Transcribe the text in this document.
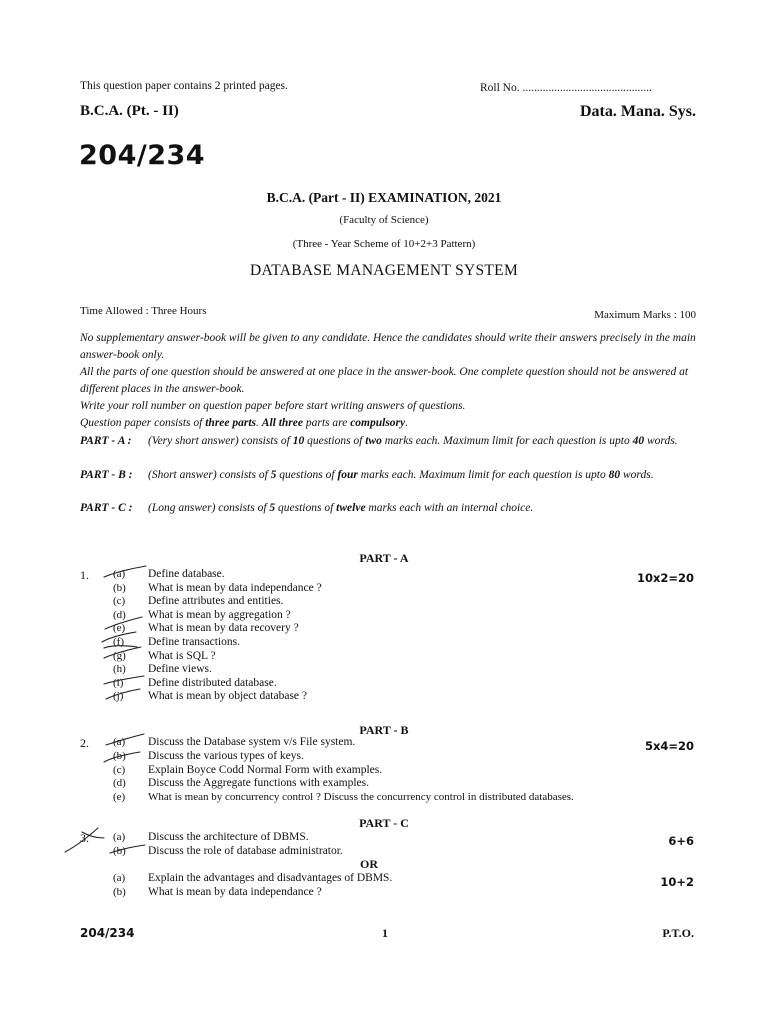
This question paper contains 2 printed pages.	Roll No. .............................................
B.C.A. (Pt. - II)	Data. Mana. Sys.
204/234
B.C.A. (Part - II) EXAMINATION, 2021
(Faculty of Science)
(Three - Year Scheme of 10+2+3 Pattern)
DATABASE MANAGEMENT SYSTEM
Time Allowed : Three Hours	Maximum Marks : 100
No supplementary answer-book will be given to any candidate. Hence the candidates should write their answers precisely in the main answer-book only.
All the parts of one question should be answered at one place in the answer-book. One complete question should not be answered at different places in the answer-book.
Write your roll number on question paper before start writing answers of questions.
Question paper consists of three parts. All three parts are compulsory.
PART - A : (Very short answer) consists of 10 questions of two marks each. Maximum limit for each question is upto 40 words.
PART - B : (Short answer) consists of 5 questions of four marks each. Maximum limit for each question is upto 80 words.
PART - C : (Long answer) consists of 5 questions of twelve marks each with an internal choice.
PART - A
1.	10x2=20
(a) Define database.
(b) What is mean by data independance ?
(c) Define attributes and entities.
(d) What is mean by aggregation ?
(e) What is mean by data recovery ?
(f) Define transactions.
(g) What is SQL ?
(h) Define views.
(i) Define distributed database.
(j) What is mean by object database ?
PART - B
2.	5x4=20
(a) Discuss the Database system v/s File system.
(b) Discuss the various types of keys.
(c) Explain Boyce Codd Normal Form with examples.
(d) Discuss the Aggregate functions with examples.
(e) What is mean by concurrency control ? Discuss the concurrency control in distributed databases.
PART - C
3.	6+6
(a) Discuss the architecture of DBMS.
(b) Discuss the role of database administrator.
OR
10+2
(a) Explain the advantages and disadvantages of DBMS.
(b) What is mean by data independance ?
204/234	1	P.T.O.
